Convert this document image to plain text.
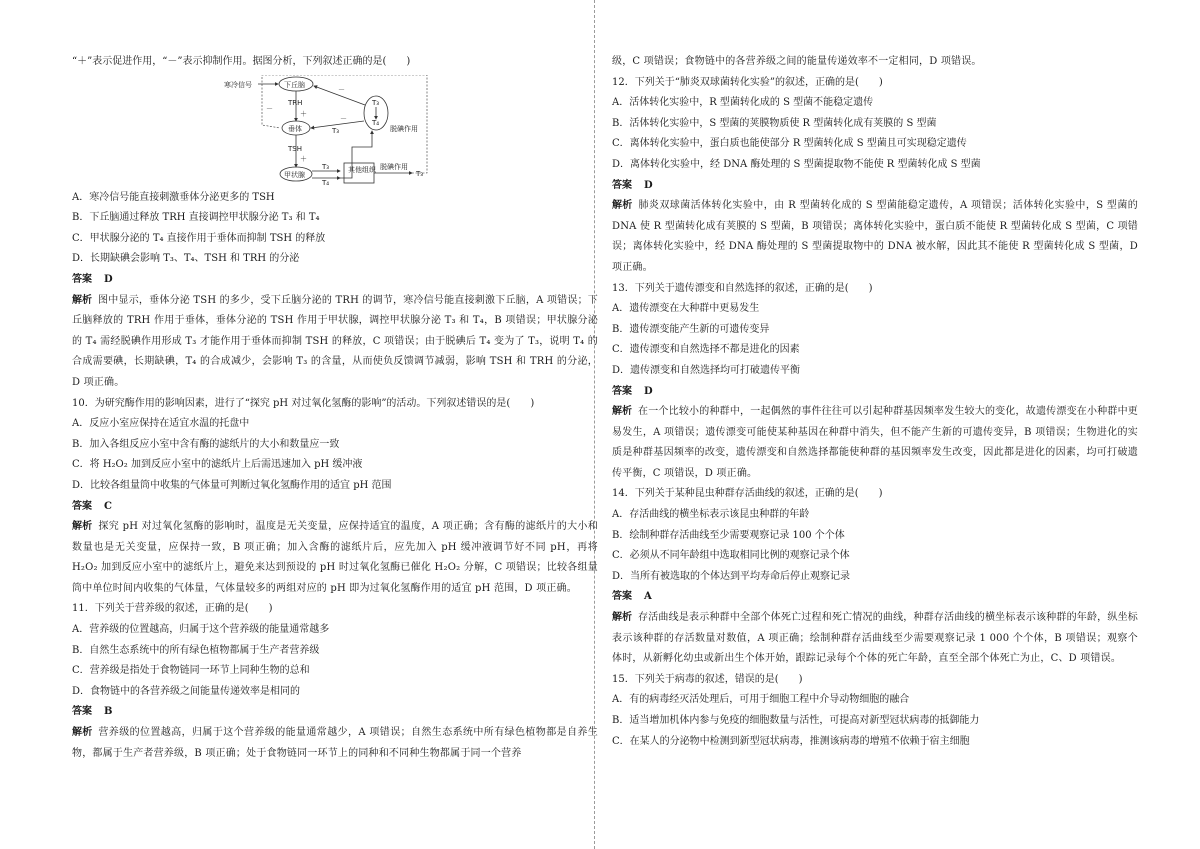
“＋”表示促进作用，“－”表示抑制作用。据图分析，下列叙述正确的是(　　)

寒冷信号	下丘脑
TRH
＋
垂体
TSH
＋
甲状腺
T₃
T₄
其他组织 脱碘作用
T₃
T₃
T₄
脱碘作用
－
T₃
－
－

A．寒冷信号能直接刺激垂体分泌更多的 TSH

B．下丘脑通过释放 TRH 直接调控甲状腺分泌 T₃ 和 T₄

C．甲状腺分泌的 T₄ 直接作用于垂体而抑制 TSH 的释放

D．长期缺碘会影响 T₃、T₄、TSH 和 TRH 的分泌

答案 D

解析 图中显示，垂体分泌 TSH 的多少，受下丘脑分泌的 TRH 的调节，寒冷信号能直接刺激下丘脑，A 项错误；下丘脑释放的 TRH 作用于垂体，垂体分泌的 TSH 作用于甲状腺，调控甲状腺分泌 T₃ 和 T₄，B 项错误；甲状腺分泌的 T₄ 需经脱碘作用形成 T₃ 才能作用于垂体而抑制 TSH 的释放，C 项错误；由于脱碘后 T₄ 变为了 T₃，说明 T₄ 的合成需要碘，长期缺碘，T₄ 的合成减少，会影响 T₃ 的含量，从而使负反馈调节减弱，影响 TSH 和 TRH 的分泌，D 项正确。

10．为研究酶作用的影响因素，进行了“探究 pH 对过氧化氢酶的影响”的活动。下列叙述错误的是(　　)

A．反应小室应保持在适宜水温的托盘中

B．加入各组反应小室中含有酶的滤纸片的大小和数量应一致

C．将 H₂O₂ 加到反应小室中的滤纸片上后需迅速加入 pH 缓冲液

D．比较各组量筒中收集的气体量可判断过氧化氢酶作用的适宜 pH 范围

答案 C

解析 探究 pH 对过氧化氢酶的影响时，温度是无关变量，应保持适宜的温度，A 项正确；含有酶的滤纸片的大小和数量也是无关变量，应保持一致，B 项正确；加入含酶的滤纸片后，应先加入 pH 缓冲液调节好不同 pH，再将 H₂O₂ 加到反应小室中的滤纸片上，避免来达到预设的 pH 时过氧化氢酶已催化 H₂O₂ 分解，C 项错误；比较各组量筒中单位时间内收集的气体量，气体量较多的两组对应的 pH 即为过氧化氢酶作用的适宜 pH 范围，D 项正确。

11．下列关于营养级的叙述，正确的是(　　)

A．营养级的位置越高，归属于这个营养级的能量通常越多

B．自然生态系统中的所有绿色植物都属于生产者营养级

C．营养级是指处于食物链同一环节上同种生物的总和

D．食物链中的各营养级之间能量传递效率是相同的

答案 B

解析 营养级的位置越高，归属于这个营养级的能量通常越少，A 项错误；自然生态系统中所有绿色植物都是自养生物，都属于生产者营养级，B 项正确；处于食物链同一环节上的同种和不同种生物都属于同一个营养

级，C 项错误；食物链中的各营养级之间的能量传递效率不一定相同，D 项错误。

12．下列关于“肺炎双球菌转化实验”的叙述，正确的是(　　)

A．活体转化实验中，R 型菌转化成的 S 型菌不能稳定遗传

B．活体转化实验中，S 型菌的荚膜物质使 R 型菌转化成有荚膜的 S 型菌

C．离体转化实验中，蛋白质也能使部分 R 型菌转化成 S 型菌且可实现稳定遗传

D．离体转化实验中，经 DNA 酶处理的 S 型菌提取物不能使 R 型菌转化成 S 型菌

答案 D

解析 肺炎双球菌活体转化实验中，由 R 型菌转化成的 S 型菌能稳定遗传，A 项错误；活体转化实验中，S 型菌的 DNA 使 R 型菌转化成有荚膜的 S 型菌，B 项错误；离体转化实验中，蛋白质不能使 R 型菌转化成 S 型菌，C 项错误；离体转化实验中，经 DNA 酶处理的 S 型菌提取物中的 DNA 被水解，因此其不能使 R 型菌转化成 S 型菌，D 项正确。

13．下列关于遗传漂变和自然选择的叙述，正确的是(　　)

A．遗传漂变在大种群中更易发生

B．遗传漂变能产生新的可遗传变异

C．遗传漂变和自然选择不都是进化的因素

D．遗传漂变和自然选择均可打破遗传平衡

答案 D

解析 在一个比较小的种群中，一起偶然的事件往往可以引起种群基因频率发生较大的变化，故遗传漂变在小种群中更易发生，A 项错误；遗传漂变可能使某种基因在种群中消失，但不能产生新的可遗传变异，B 项错误；生物进化的实质是种群基因频率的改变，遗传漂变和自然选择都能使种群的基因频率发生改变，因此都是进化的因素，均可打破遗传平衡，C 项错误，D 项正确。

14．下列关于某种昆虫种群存活曲线的叙述，正确的是(　　)

A．存活曲线的横坐标表示该昆虫种群的年龄

B．绘制种群存活曲线至少需要观察记录 100 个个体

C．必须从不同年龄组中选取相同比例的观察记录个体

D．当所有被选取的个体达到平均寿命后停止观察记录

答案 A

解析 存活曲线是表示种群中全部个体死亡过程和死亡情况的曲线，种群存活曲线的横坐标表示该种群的年龄，纵坐标表示该种群的存活数量对数值，A 项正确；绘制种群存活曲线至少需要观察记录 1 000 个个体，B 项错误；观察个体时，从新孵化幼虫或新出生个体开始，跟踪记录每个个体的死亡年龄，直至全部个体死亡为止，C、D 项错误。

15．下列关于病毒的叙述，错误的是(　　)

A．有的病毒经灭活处理后，可用于细胞工程中介导动物细胞的融合

B．适当增加机体内参与免疫的细胞数量与活性，可提高对新型冠状病毒的抵御能力

C．在某人的分泌物中检测到新型冠状病毒，推测该病毒的增殖不依赖于宿主细胞
